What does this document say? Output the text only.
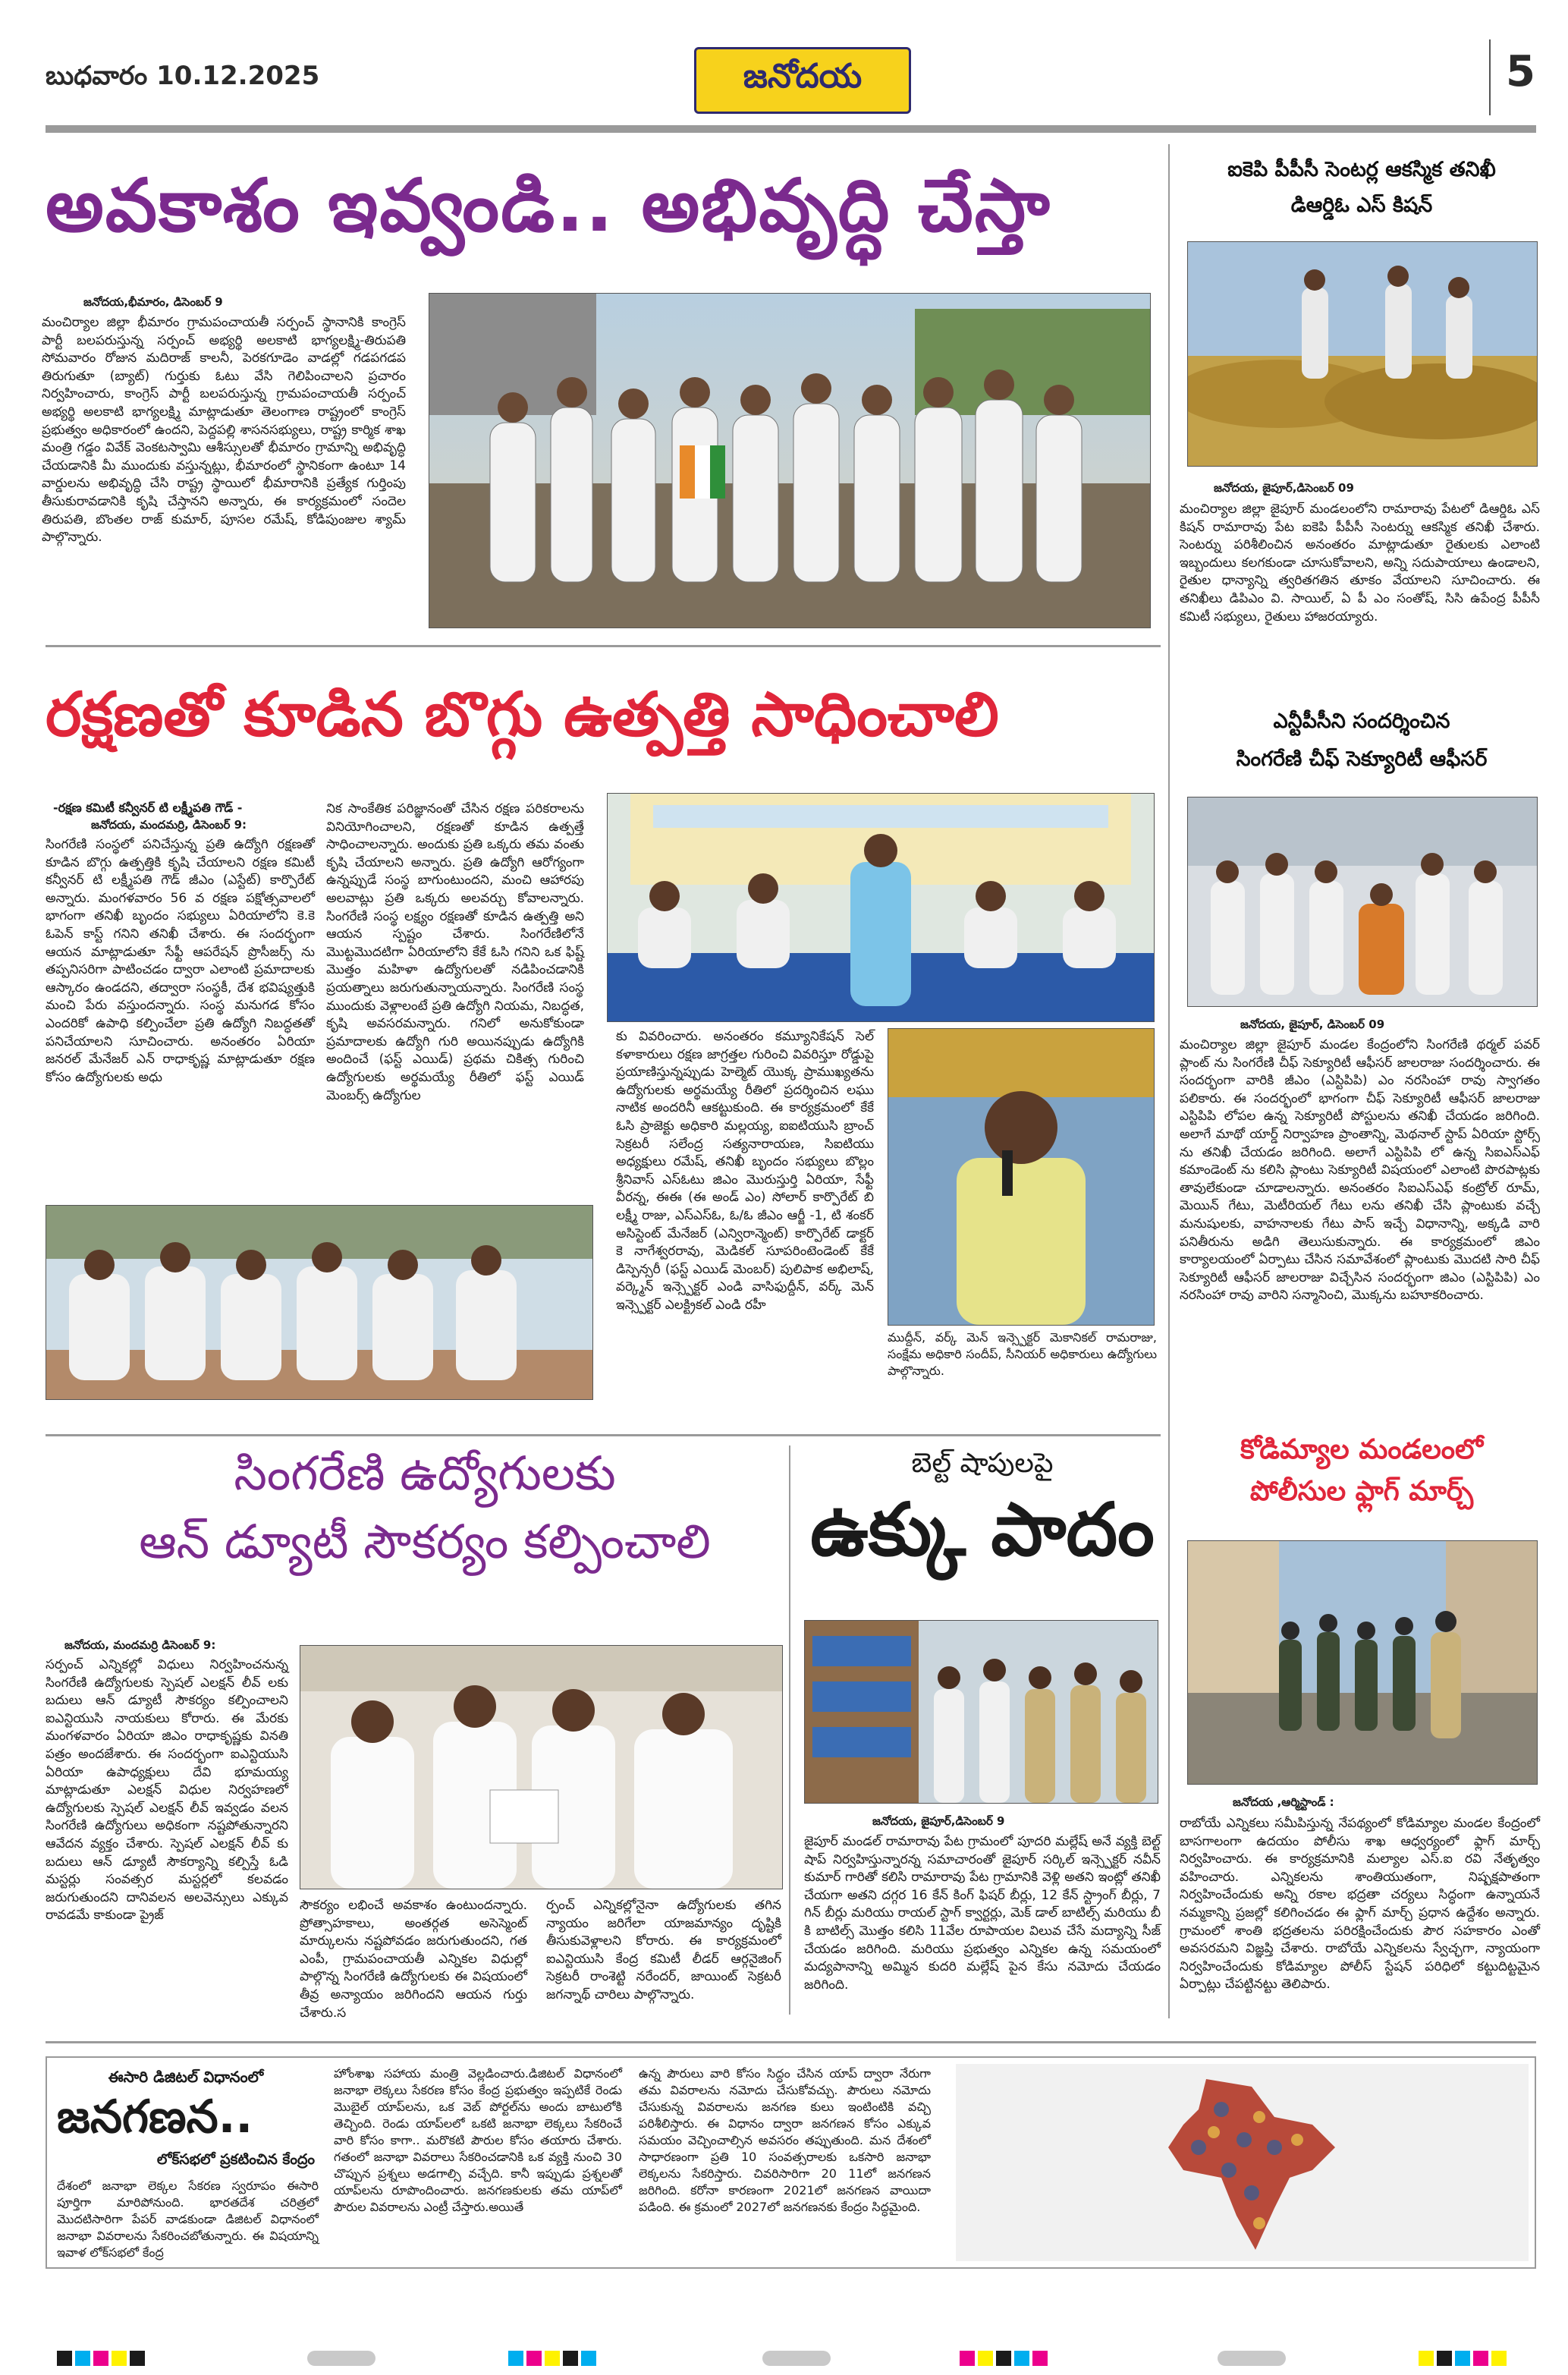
బుధవారం 10.12.2025	జనోదయ	5
అవకాశం ఇవ్వండి.. అభివృద్ధి చేస్తా
జనోదయ,భీమారం, డిసెంబర్ 9
మంచిర్యాల జిల్లా భీమారం గ్రామపంచాయతీ సర్పంచ్ స్థానానికి కాంగ్రెస్ పార్టీ బలపరుస్తున్న సర్పంచ్ అభ్యర్థి అలకాటి భాగ్యలక్ష్మి-తిరుపతి సోమవారం రోజున మదిరాజ్ కాలనీ, పెరకగూడెం వాడల్లో గడపగడప తిరుగుతూ (బ్యాట్) గుర్తుకు ఓటు వేసి గెలిపించాలని ప్రచారం నిర్వహించారు, కాంగ్రెస్ పార్టీ బలపరుస్తున్న గ్రామపంచాయతీ సర్పంచ్ అభ్యర్థి అలకాటి భాగ్యలక్ష్మి మాట్లాడుతూ తెలంగాణ రాష్ట్రంలో కాంగ్రెస్ ప్రభుత్వం అధికారంలో ఉందని, పెద్దపల్లి శాసనసభ్యులు, రాష్ట్ర కార్మిక శాఖ మంత్రి గడ్డం వివేక్ వెంకటస్వామి ఆశీస్సులతో భీమారం గ్రామాన్ని అభివృద్ధి చేయడానికి మీ ముందుకు వస్తున్నట్లు, భీమారంలో స్థానికంగా ఉంటూ 14 వార్డులను అభివృద్ధి చేసి రాష్ట్ర స్థాయిలో భీమారానికి ప్రత్యేక గుర్తింపు తీసుకురావడానికి కృషి చేస్తానని అన్నారు, ఈ కార్యక్రమంలో సందెల తిరుపతి, బొంతల రాజ్ కుమార్, పూసల రమేష్, కోడిపుంజుల శ్యామ్ పాల్గొన్నారు.
ఐకెపి పీపీసీ సెంటర్ల ఆకస్మిక తనిఖీ
డిఆర్డిఓ ఎస్ కిషన్
జనోదయ, జైపూర్,డిసెంబర్ 09
మంచిర్యాల జిల్లా జైపూర్ మండలంలోని రామారావు పేటలో డిఆర్డిఓ ఎస్ కిషన్ రామారావు పేట ఐకెపి పీపీసీ సెంటర్ను ఆకస్మిక తనిఖీ చేశారు. సెంటర్ను పరిశీలించిన అనంతరం మాట్లాడుతూ రైతులకు ఎలాంటి ఇబ్బందులు కలగకుండా చూసుకోవాలని, అన్ని సదుపాయాలు ఉండాలని, రైతుల ధాన్యాన్ని త్వరితగతిన తూకం వేయాలని సూచించారు. ఈ తనిఖీలు డిపిఎం వి. సాయిల్, ఏ పీ ఎం సంతోష్, సిసి ఉపేంద్ర పీపీసీ కమిటీ సభ్యులు, రైతులు హాజరయ్యారు.
రక్షణతో కూడిన బొగ్గు ఉత్పత్తి సాధించాలి
-రక్షణ కమిటీ కన్వీనర్ టి లక్ష్మీపతి గౌడ్ -
జనోదయ, మందమర్రి, డిసెంబర్ 9:
సింగరేణి సంస్థలో పనిచేస్తున్న ప్రతి ఉద్యోగి రక్షణతో కూడిన బొగ్గు ఉత్పత్తికి కృషి చేయాలని రక్షణ కమిటీ కన్వీనర్ టి లక్ష్మీపతి గౌడ్ జీఎం (ఎస్టేట్) కార్పొరేట్ అన్నారు. మంగళవారం 56 వ రక్షణ పక్షోత్సవాలలో భాగంగా తనిఖీ బృందం సభ్యులు ఏరియాలోని కె.కె ఓపెన్ కాస్ట్ గనిని తనిఖీ చేశారు. ఈ సందర్భంగా ఆయన మాట్లాడుతూ సేఫ్టీ ఆపరేషన్ ప్రొసీజర్స్ ను తప్పనిసరిగా పాటించడం ద్వారా ఎలాంటి ప్రమాదాలకు ఆస్కారం ఉండదని, తద్వారా సంస్థకీ, దేశ భవిష్యత్తుకి మంచి పేరు వస్తుందన్నారు. సంస్థ మనుగడ కోసం ఎందరికో ఉపాధి కల్పించేలా ప్రతి ఉద్యోగి నిబద్ధతతో పనిచేయాలని సూచించారు. అనంతరం ఏరియా జనరల్ మేనేజర్ ఎన్ రాధాకృష్ణ మాట్లాడుతూ రక్షణ కోసం ఉద్యోగులకు అధు
నిక సాంకేతిక పరిజ్ఞానంతో చేసిన రక్షణ పరికరాలను వినియోగించాలని, రక్షణతో కూడిన ఉత్పత్తే సాధించాలన్నారు. అందుకు ప్రతి ఒక్కరు తమ వంతు కృషి చేయాలని అన్నారు. ప్రతి ఉద్యోగి ఆరోగ్యంగా ఉన్నప్పుడే సంస్థ బాగుంటుందని, మంచి ఆహారపు అలవాట్లు ప్రతి ఒక్కరు అలవర్చు కోవాలన్నారు. సింగరేణి సంస్థ లక్ష్యం రక్షణతో కూడిన ఉత్పత్తి అని ఆయన స్పష్టం చేశారు. సింగరేణిలోనే మొట్టమొదటిగా ఏరియాలోని కేకే ఓసి గనిని ఒక ఫిష్ట్ మొత్తం మహిళా ఉద్యోగులతో నడిపించడానికి ప్రయత్నాలు జరుగుతున్నాయన్నారు. సింగరేణి సంస్థ ముందుకు వెళ్లాలంటే ప్రతి ఉద్యోగి నియమ, నిబద్ధత, కృషి అవసరమన్నారు. గనిలో అనుకోకుండా ప్రమాదాలకు ఉద్యోగి గురి అయినప్పుడు ఉద్యోగికి అందించే (ఫస్ట్ ఎయిడ్) ప్రథమ చికిత్స గురించి ఉద్యోగులకు అర్థమయ్యే రీతిలో ఫస్ట్ ఎయిడ్ మెంబర్స్ ఉద్యోగుల
కు వివరించారు. అనంతరం కమ్యూనికేషన్ సెల్ కళాకారులు రక్షణ జాగ్రత్తల గురించి వివరిస్తూ రోడ్డుపై ప్రయాణిస్తున్నప్పుడు హెల్మెట్ యొక్క ప్రాముఖ్యతను ఉద్యోగులకు అర్థమయ్యే రీతిలో ప్రదర్శించిన లఘు నాటిక అందరినీ ఆకట్టుకుంది. ఈ కార్యక్రమంలో కేకే ఓసి ప్రాజెక్టు అధికారి మల్లయ్య, ఐఐటియుసి బ్రాంచ్ సెక్రటరీ సలేంద్ర సత్యనారాయణ, సిఐటియు అధ్యక్షులు రమేష్, తనిఖీ బృందం సభ్యులు బొల్లం శ్రీనివాస్ ఎస్ఓటు జిఎం మొరుస్తుర్తి ఏరియా, సేఫ్టీ వీరన్న, ఈఈ (ఈ అండ్ ఎం) సోలార్ కార్పొరేట్ బి లక్ష్మీ రాజు, ఎస్ఎస్ఓ, ఓ/ఓ జీఎం ఆర్జీ -1, టి శంకర్ అసిస్టెంట్ మేనేజర్ (ఎన్విరాన్మెంట్) కార్పొరేట్ డాక్టర్ కె నాగేశ్వరరావు, మెడికల్ సూపరింటెండెంట్ కేకే డిస్పెన్సరీ (ఫస్ట్ ఎయిడ్ మెంబర్) పులిపాక అభిలాష్, వర్క్మెన్ ఇన్స్పెక్టర్ ఎండి వాసిఫుద్దీన్, వర్క్ మెన్ ఇన్స్పెక్టర్ ఎలక్ట్రికల్ ఎండి రహీ
ముద్దీన్, వర్క్ మెన్ ఇన్స్పెక్టర్ మెకానికల్ రామరాజు, సంక్షేమ అధికారి సందీప్, సీనియర్ అధికారులు ఉద్యోగులు పాల్గొన్నారు.
ఎన్టీపీసీని సందర్శించిన
సింగరేణి చీఫ్ సెక్యూరిటీ ఆఫీసర్
జనోదయ, జైపూర్, డిసెంబర్ 09
మంచిర్యాల జిల్లా జైపూర్ మండల కేంద్రంలోని సింగరేణి థర్మల్ పవర్ ప్లాంట్ ను సింగరేణి చీఫ్ సెక్యూరిటీ ఆఫీసర్ జాలరాజు సందర్శించారు. ఈ సందర్భంగా వారికి జీఎం (ఎస్టిపిపి) ఎం నరసింహా రావు స్వాగతం పలికారు. ఈ సందర్భంలో భాగంగా చీఫ్ సెక్యూరిటీ ఆఫీసర్ జాలరాజు ఎస్టిపిపి లోపల ఉన్న సెక్యూరిటీ పోస్టులను తనిఖీ చేయడం జరిగింది. అలాగే మాథో యార్డ్ నిర్వాహణ ప్రాంతాన్ని, మెథనాల్ స్టాప్ ఏరియా స్టోర్స్ ను తనిఖీ చేయడం జరిగింది. అలాగే ఎస్టిపిపి లో ఉన్న సిఐఎస్ఎఫ్ కమాండెంట్ ను కలిసి ప్లాంటు సెక్యూరిటీ విషయంలో ఎలాంటి పొరపాట్లకు తావులేకుండా చూడాలన్నారు. అనంతరం సిఐఎస్ఎఫ్ కంట్రోల్ రూమ్, మెయిన్ గేటు, మెటీరియల్ గేటు లను తనిఖీ చేసి ప్లాంటుకు వచ్చే మనుషులకు, వాహనాలకు గేటు పాస్ ఇచ్చే విధానాన్ని, అక్కడి వారి పనితీరును అడిగి తెలుసుకున్నారు. ఈ కార్యక్రమంలో జిఎం కార్యాలయంలో ఏర్పాటు చేసిన సమావేశంలో ప్లాంటుకు మొదటి సారి చీఫ్ సెక్యూరిటీ ఆఫీసర్ జాలరాజు విచ్చేసిన సందర్భంగా జిఎం (ఎస్టిపిపి) ఎం నరసింహా రావు వారిని సన్మానించి, మొక్కను బహూకరించారు.
కోడిమ్యాల మండలంలో
పోలీసుల ఫ్లాగ్ మార్చ్
జనోదయ ,ఆర్మిస్టాండ్ :
రాబోయే ఎన్నికలు సమీపిస్తున్న నేపథ్యంలో కోడిమ్యాల మండల కేంద్రంలో బాసగాలంగా ఉదయం పోలీసు శాఖ ఆధ్వర్యంలో ఫ్లాగ్ మార్చ్ నిర్వహించారు. ఈ కార్యక్రమానికి మల్యాల ఎస్.ఐ రవి నేతృత్వం వహించారు. ఎన్నికలను శాంతియుతంగా, నిష్పక్షపాతంగా నిర్వహించేందుకు అన్ని రకాల భద్రతా చర్యలు సిద్ధంగా ఉన్నాయనే నమ్మకాన్ని ప్రజల్లో కలిగించడం ఈ ఫ్లాగ్ మార్చ్ ప్రధాన ఉద్దేశం అన్నారు. గ్రామంలో శాంతి భద్రతలను పరిరక్షించేందుకు పౌర సహకారం ఎంతో అవసరమని విజ్ఞప్తి చేశారు. రాబోయే ఎన్నికలను స్వేచ్ఛగా, న్యాయంగా నిర్వహించేందుకు కోడిమ్యాల పోలీస్ స్టేషన్ పరిధిలో కట్టుదిట్టమైన ఏర్పాట్లు చేపట్టినట్టు తెలిపారు.
సింగరేణి ఉద్యోగులకు
ఆన్ డ్యూటీ సౌకర్యం కల్పించాలి
జనోదయ, మందమర్రి డిసెంబర్ 9:
సర్పంచ్ ఎన్నికల్లో విధులు నిర్వహించనున్న సింగరేణి ఉద్యోగులకు స్పెషల్ ఎలక్షన్ లీవ్ లకు బదులు ఆన్ డ్యూటీ సౌకర్యం కల్పించాలని ఐఎన్టియుసి నాయకులు కోరారు. ఈ మేరకు మంగళవారం ఏరియా జిఎం రాధాకృష్ణకు వినతి పత్రం అందజేశారు. ఈ సందర్భంగా ఐఎన్టియుసి ఏరియా ఉపాధ్యక్షులు దేవి భూమయ్య మాట్లాడుతూ ఎలక్షన్ విధుల నిర్వహణలో ఉద్యోగులకు స్పెషల్ ఎలక్షన్ లీవ్ ఇవ్వడం వలన సింగరేణి ఉద్యోగులు అధికంగా నష్టపోతున్నారని ఆవేదన వ్యక్తం చేశారు. స్పెషల్ ఎలక్షన్ లీవ్ కు బదులు ఆన్ డ్యూటీ సౌకర్యాన్ని కల్పిస్తే ఓడి మస్టర్లు సంవత్సర మస్టర్లలో కలవడం జరుగుతుందని దానివలన అలవెన్సులు ఎక్కువ రావడమే కాకుండా ప్రైజ్
సౌకర్యం లభించే అవకాశం ఉంటుందన్నారు. ప్రోత్సాహకాలు, అంతర్గత అసెస్మెంట్ మార్కులను నష్టపోవడం జరుగుతుందని, గత ఎంపీ, గ్రామపంచాయతీ ఎన్నికల విధుల్లో పాల్గొన్న సింగరేణి ఉద్యోగులకు ఈ విషయంలో తీవ్ర అన్యాయం జరిగిందని ఆయన గుర్తు చేశారు.స
ర్పంచ్ ఎన్నికల్లోనైనా ఉద్యోగులకు తగిన న్యాయం జరిగేలా యాజమాన్యం దృష్టికి తీసుకువెళ్లాలని కోరారు. ఈ కార్యక్రమంలో ఐఎన్టియుసి కేంద్ర కమిటీ లీడర్ ఆర్గనైజింగ్ సెక్రటరీ రాంశెట్టి నరేందర్, జాయింట్ సెక్రటరీ జగన్నాథ్ చారిలు పాల్గొన్నారు.
బెల్ట్ షాపులపై
ఉక్కు పాదం
జనోదయ, జైపూర్,డిసెంబర్ 9
జైపూర్ మండల్ రామారావు పేట గ్రామంలో పూదరి మల్లేష్ అనే వ్యక్తి బెల్ట్ షాప్ నిర్వహిస్తున్నారన్న సమాచారంతో జైపూర్ సర్కిల్ ఇన్స్పెక్టర్ నవీన్ కుమార్ గారితో కలిసి రామారావు పేట గ్రామానికి వెళ్లి అతని ఇంట్లో తనిఖీ చేయగా అతని దగ్గర 16 కేన్ కింగ్ ఫిషర్ బీర్లు, 12 కేన్ స్ట్రాంగ్ బీర్లు, 7 గిన్ బీర్లు మరియు రాయల్ స్టాగ్ క్వార్టర్లు, మెక్ డాల్ బాటిల్స్ మరియు బీ కి బాటిల్స్ మొత్తం కలిసి 11వేల రూపాయల విలువ చేసే మద్యాన్ని సీజ్ చేయడం జరిగింది. మరియు ప్రభుత్వం ఎన్నికల ఉన్న సమయంలో మద్యపానాన్ని అమ్మిన కుదరి మల్లేష్ పైన కేసు నమోదు చేయడం జరిగింది.
ఈసారి డిజిటల్ విధానంలో
జనగణన..
లోక్‌సభలో ప్రకటించిన కేంద్రం
దేశంలో జనాభా లెక్కల సేకరణ స్వరూపం ఈసారి పూర్తిగా మారిపోనుంది. భారతదేశ చరిత్రలో మొదటిసారిగా పేపర్ వాడకుండా డిజిటల్ విధానంలో జనాభా వివరాలను సేకరించబోతున్నారు. ఈ విషయాన్ని ఇవాళ లోక్‌సభలో కేంద్ర
హోంశాఖ సహాయ మంత్రి వెల్లడించారు.డిజిటల్ విధానంలో జనాభా లెక్కలు సేకరణ కోసం కేంద్ర ప్రభుత్వం ఇప్పటికే రెండు మొబైల్ యాప్‌లను, ఒక వెబ్ పోర్టల్‌ను అందు బాటులోకి తెచ్చింది. రెండు యాప్‌లలో ఒకటి జనాభా లెక్కలు సేకరించే వారి కోసం కాగా.. మరొకటి పౌరుల కోసం తయారు చేశారు. గతంలో జనాభా వివరాలు సేకరించడానికి ఒక వ్యక్తి నుంచి 30 చొప్పున ప్రశ్నలు అడగాల్సి వచ్చేది. కానీ ఇప్పుడు ప్రశ్నలతో యాప్‌లను రూపొందించారు. జనగణకులకు తమ యాప్‌లో పౌరుల వివరాలను ఎంట్రీ చేస్తారు.అయితే
ఉన్న పౌరులు వారి కోసం సిద్ధం చేసిన యాప్ ద్వారా నేరుగా తమ వివరాలను నమోదు చేసుకోవచ్చు. పౌరులు నమోదు చేసుకున్న వివరాలను జనగణ కులు ఇంటింటికి వచ్చి పరిశీలిస్తారు. ఈ విధానం ద్వారా జనగణన కోసం ఎక్కువ సమయం వెచ్చించాల్సిన అవసరం తప్పుతుంది. మన దేశంలో సాధారణంగా ప్రతి 10 సంవత్సరాలకు ఒకసారి జనాభా లెక్కలను సేకరిస్తారు. చివరిసారిగా 20 11లో జనగణన జరిగింది. కరోనా కారణంగా 2021లో జనగణన వాయిదా పడింది. ఈ క్రమంలో 2027లో జనగణనకు కేంద్రం సిద్ధమైంది.
